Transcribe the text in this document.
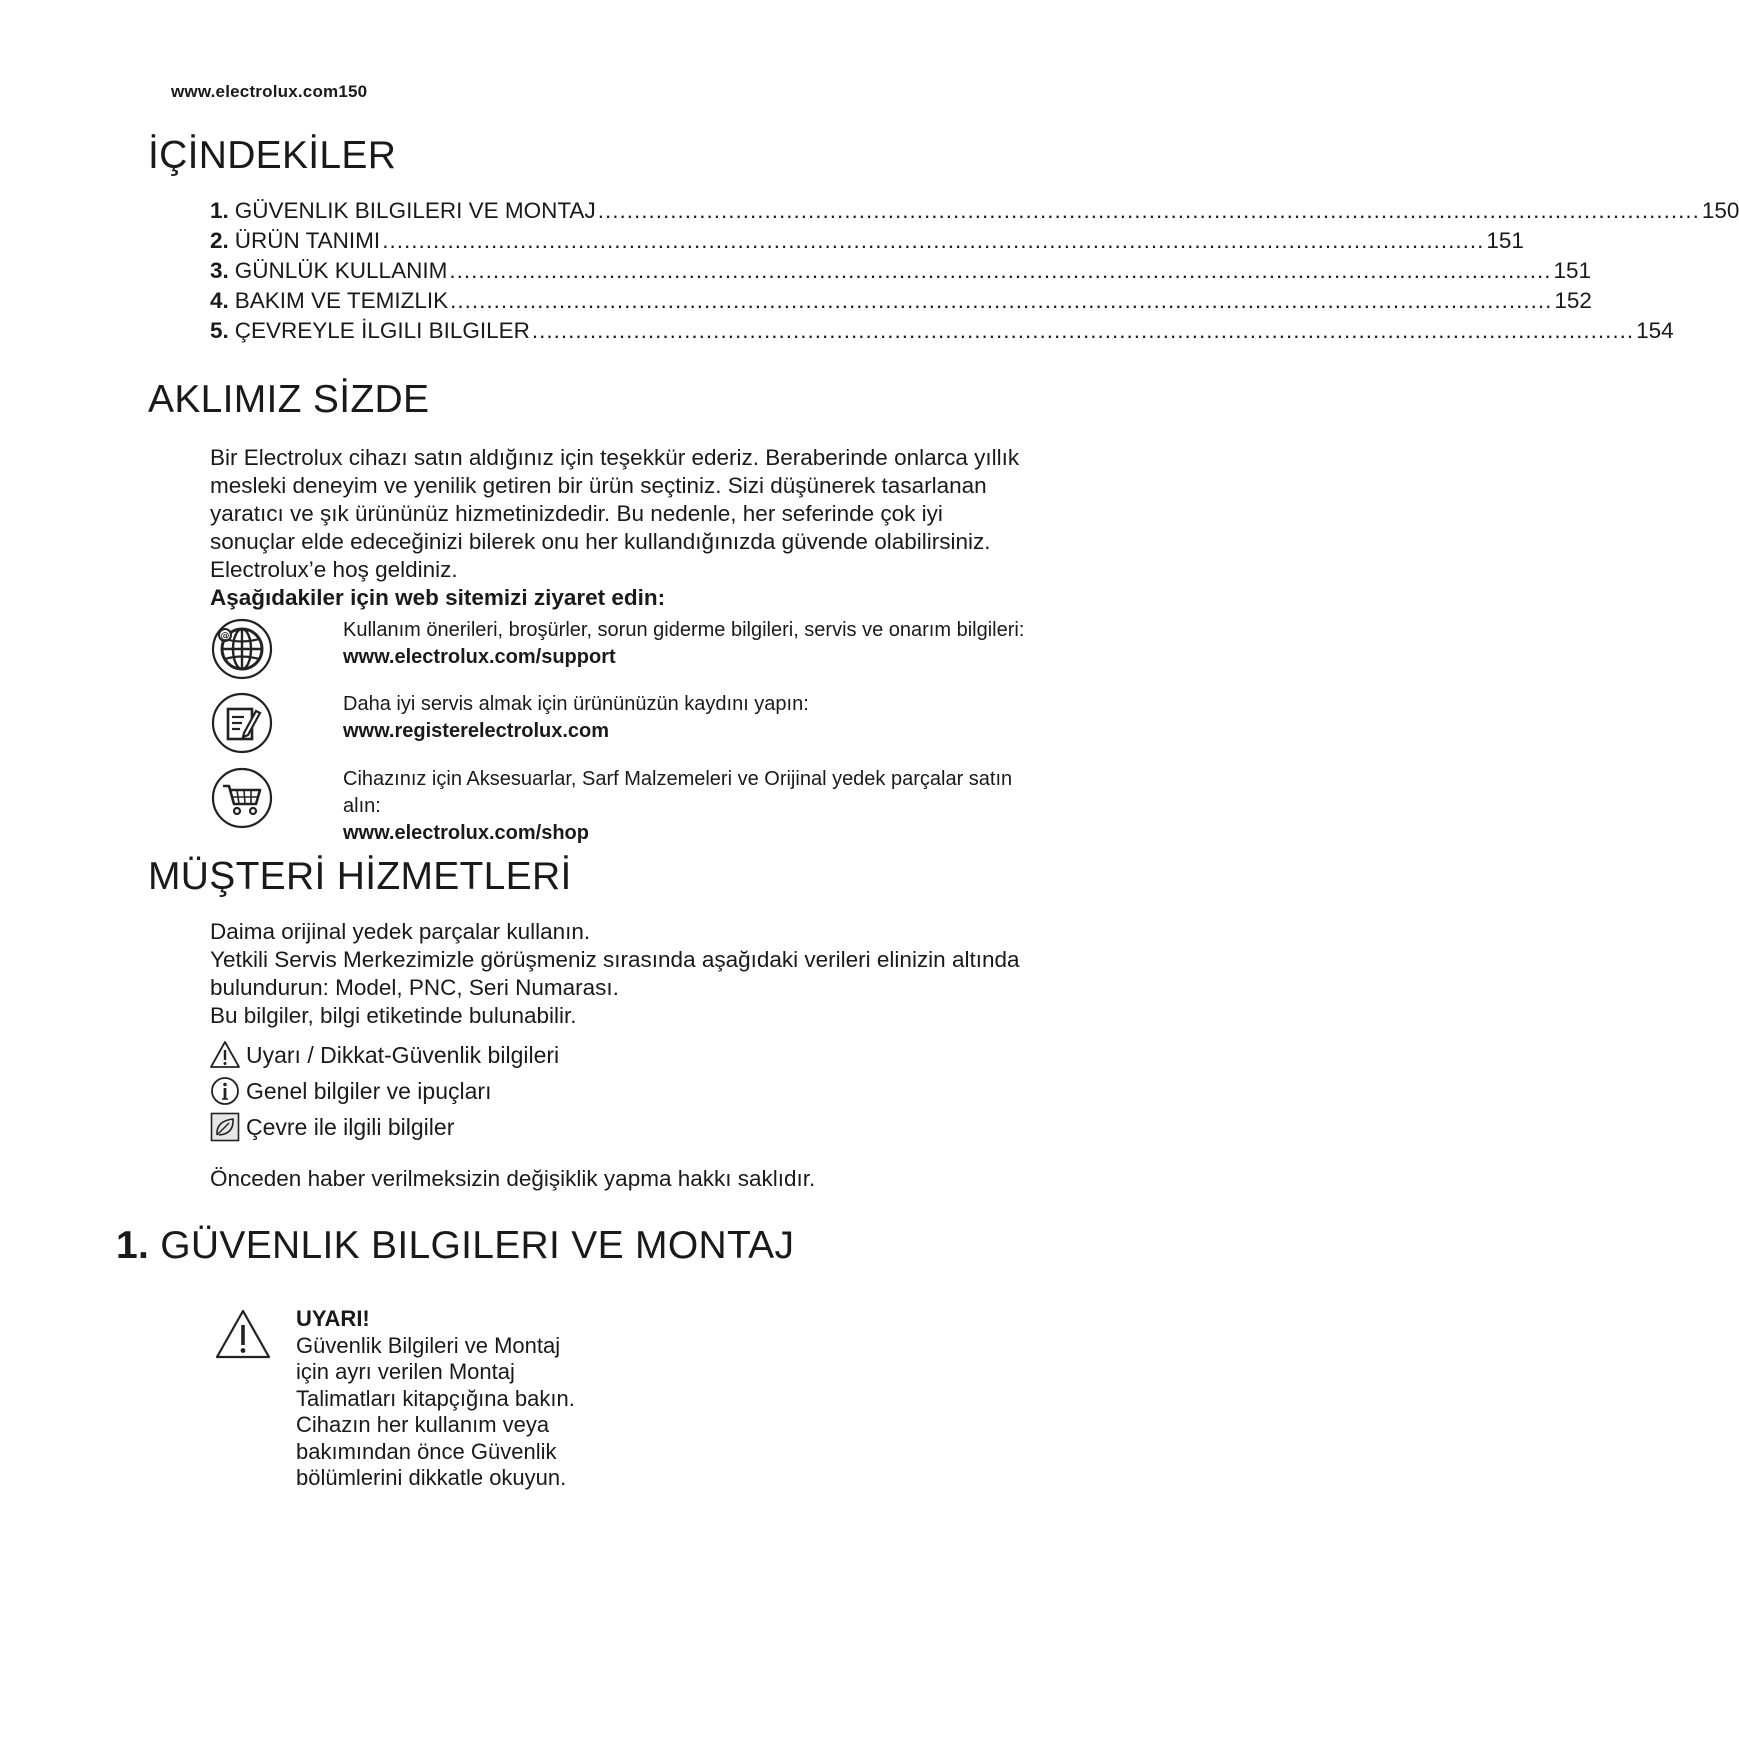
www.electrolux.com150
İÇİNDEKİLER
1. GÜVENLIK BILGILERI VE MONTAJ ........................................................................................................................................................ 150
2. ÜRÜN TANIMI ........................................................................................................................................................ 151
3. GÜNLÜK KULLANIM ........................................................................................................................................................ 151
4. BAKIM VE TEMIZLIK ........................................................................................................................................................ 152
5. ÇEVREYLE İLGILI BILGILER ........................................................................................................................................................ 154
AKLIMIZ SİZDE
Bir Electrolux cihazı satın aldığınız için teşekkür ederiz. Beraberinde onlarca yıllık
mesleki deneyim ve yenilik getiren bir ürün seçtiniz. Sizi düşünerek tasarlanan
yaratıcı ve şık ürününüz hizmetinizdedir. Bu nedenle, her seferinde çok iyi
sonuçlar elde edeceğinizi bilerek onu her kullandığınızda güvende olabilirsiniz.
Electrolux’e hoş geldiniz.
Aşağıdakiler için web sitemizi ziyaret edin:
@	Kullanım önerileri, broşürler, sorun giderme bilgileri, servis ve onarım bilgileri:
www.electrolux.com/support
Daha iyi servis almak için ürününüzün kaydını yapın:
www.registerelectrolux.com
Cihazınız için Aksesuarlar, Sarf Malzemeleri ve Orijinal yedek parçalar satın
alın:
www.electrolux.com/shop
MÜŞTERİ HİZMETLERİ
Daima orijinal yedek parçalar kullanın.
Yetkili Servis Merkezimizle görüşmeniz sırasında aşağıdaki verileri elinizin altında
bulundurun: Model, PNC, Seri Numarası.
Bu bilgiler, bilgi etiketinde bulunabilir.
Uyarı / Dikkat-Güvenlik bilgileri
Genel bilgiler ve ipuçları
Çevre ile ilgili bilgiler
Önceden haber verilmeksizin değişiklik yapma hakkı saklıdır.
1. GÜVENLIK BILGILERI VE MONTAJ
UYARI!
Güvenlik Bilgileri ve Montaj
için ayrı verilen Montaj
Talimatları kitapçığına bakın.
Cihazın her kullanım veya
bakımından önce Güvenlik
bölümlerini dikkatle okuyun.
